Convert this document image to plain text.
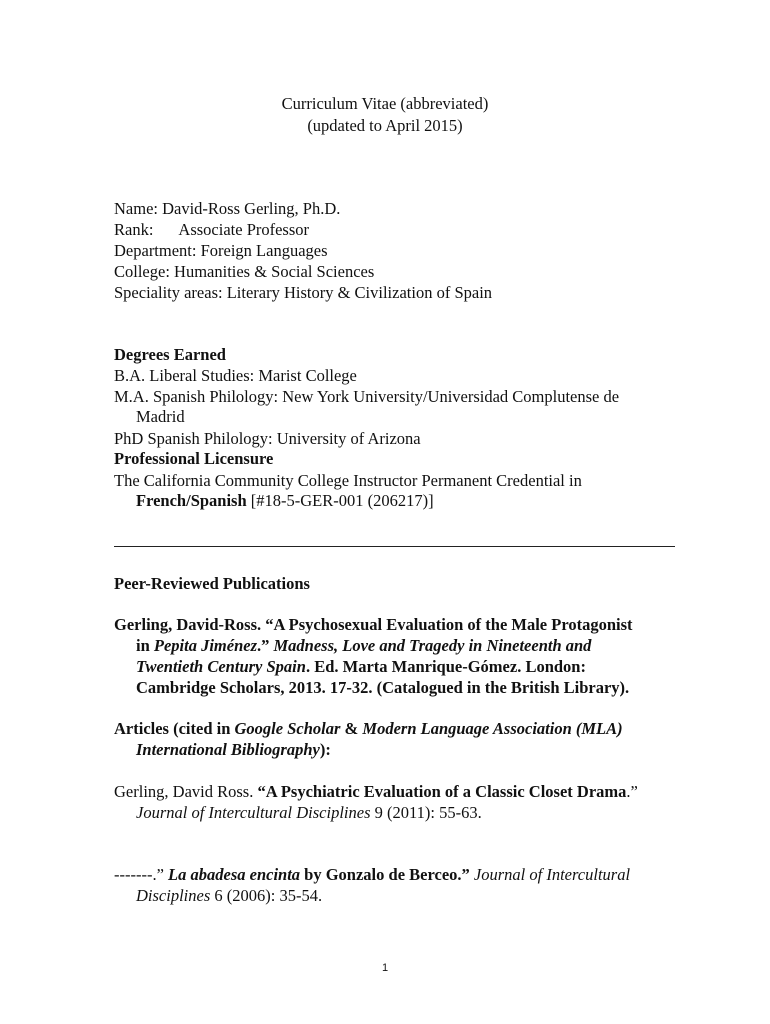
Curriculum Vitae (abbreviated)
(updated to April 2015)
Name: David-Ross Gerling, Ph.D.
Rank: Associate Professor
Department: Foreign Languages
College: Humanities & Social Sciences
Speciality areas: Literary History & Civilization of Spain
Degrees Earned
B.A. Liberal Studies: Marist College
M.A. Spanish Philology: New York University/Universidad Complutense de
Madrid
PhD Spanish Philology: University of Arizona
Professional Licensure
The California Community College Instructor Permanent Credential in
French/Spanish [#18-5-GER-001 (206217)]
Peer-Reviewed Publications
Gerling, David-Ross. “A Psychosexual Evaluation of the Male Protagonist
in Pepita Jiménez.” Madness, Love and Tragedy in Nineteenth and
Twentieth Century Spain. Ed. Marta Manrique-Gómez. London:
Cambridge Scholars, 2013. 17-32. (Catalogued in the British Library).
Articles (cited in Google Scholar & Modern Language Association (MLA)
International Bibliography):
Gerling, David Ross. “A Psychiatric Evaluation of a Classic Closet Drama.”
Journal of Intercultural Disciplines 9 (2011): 55-63.
-------.” La abadesa encinta by Gonzalo de Berceo.” Journal of Intercultural
Disciplines 6 (2006): 35-54.
1
